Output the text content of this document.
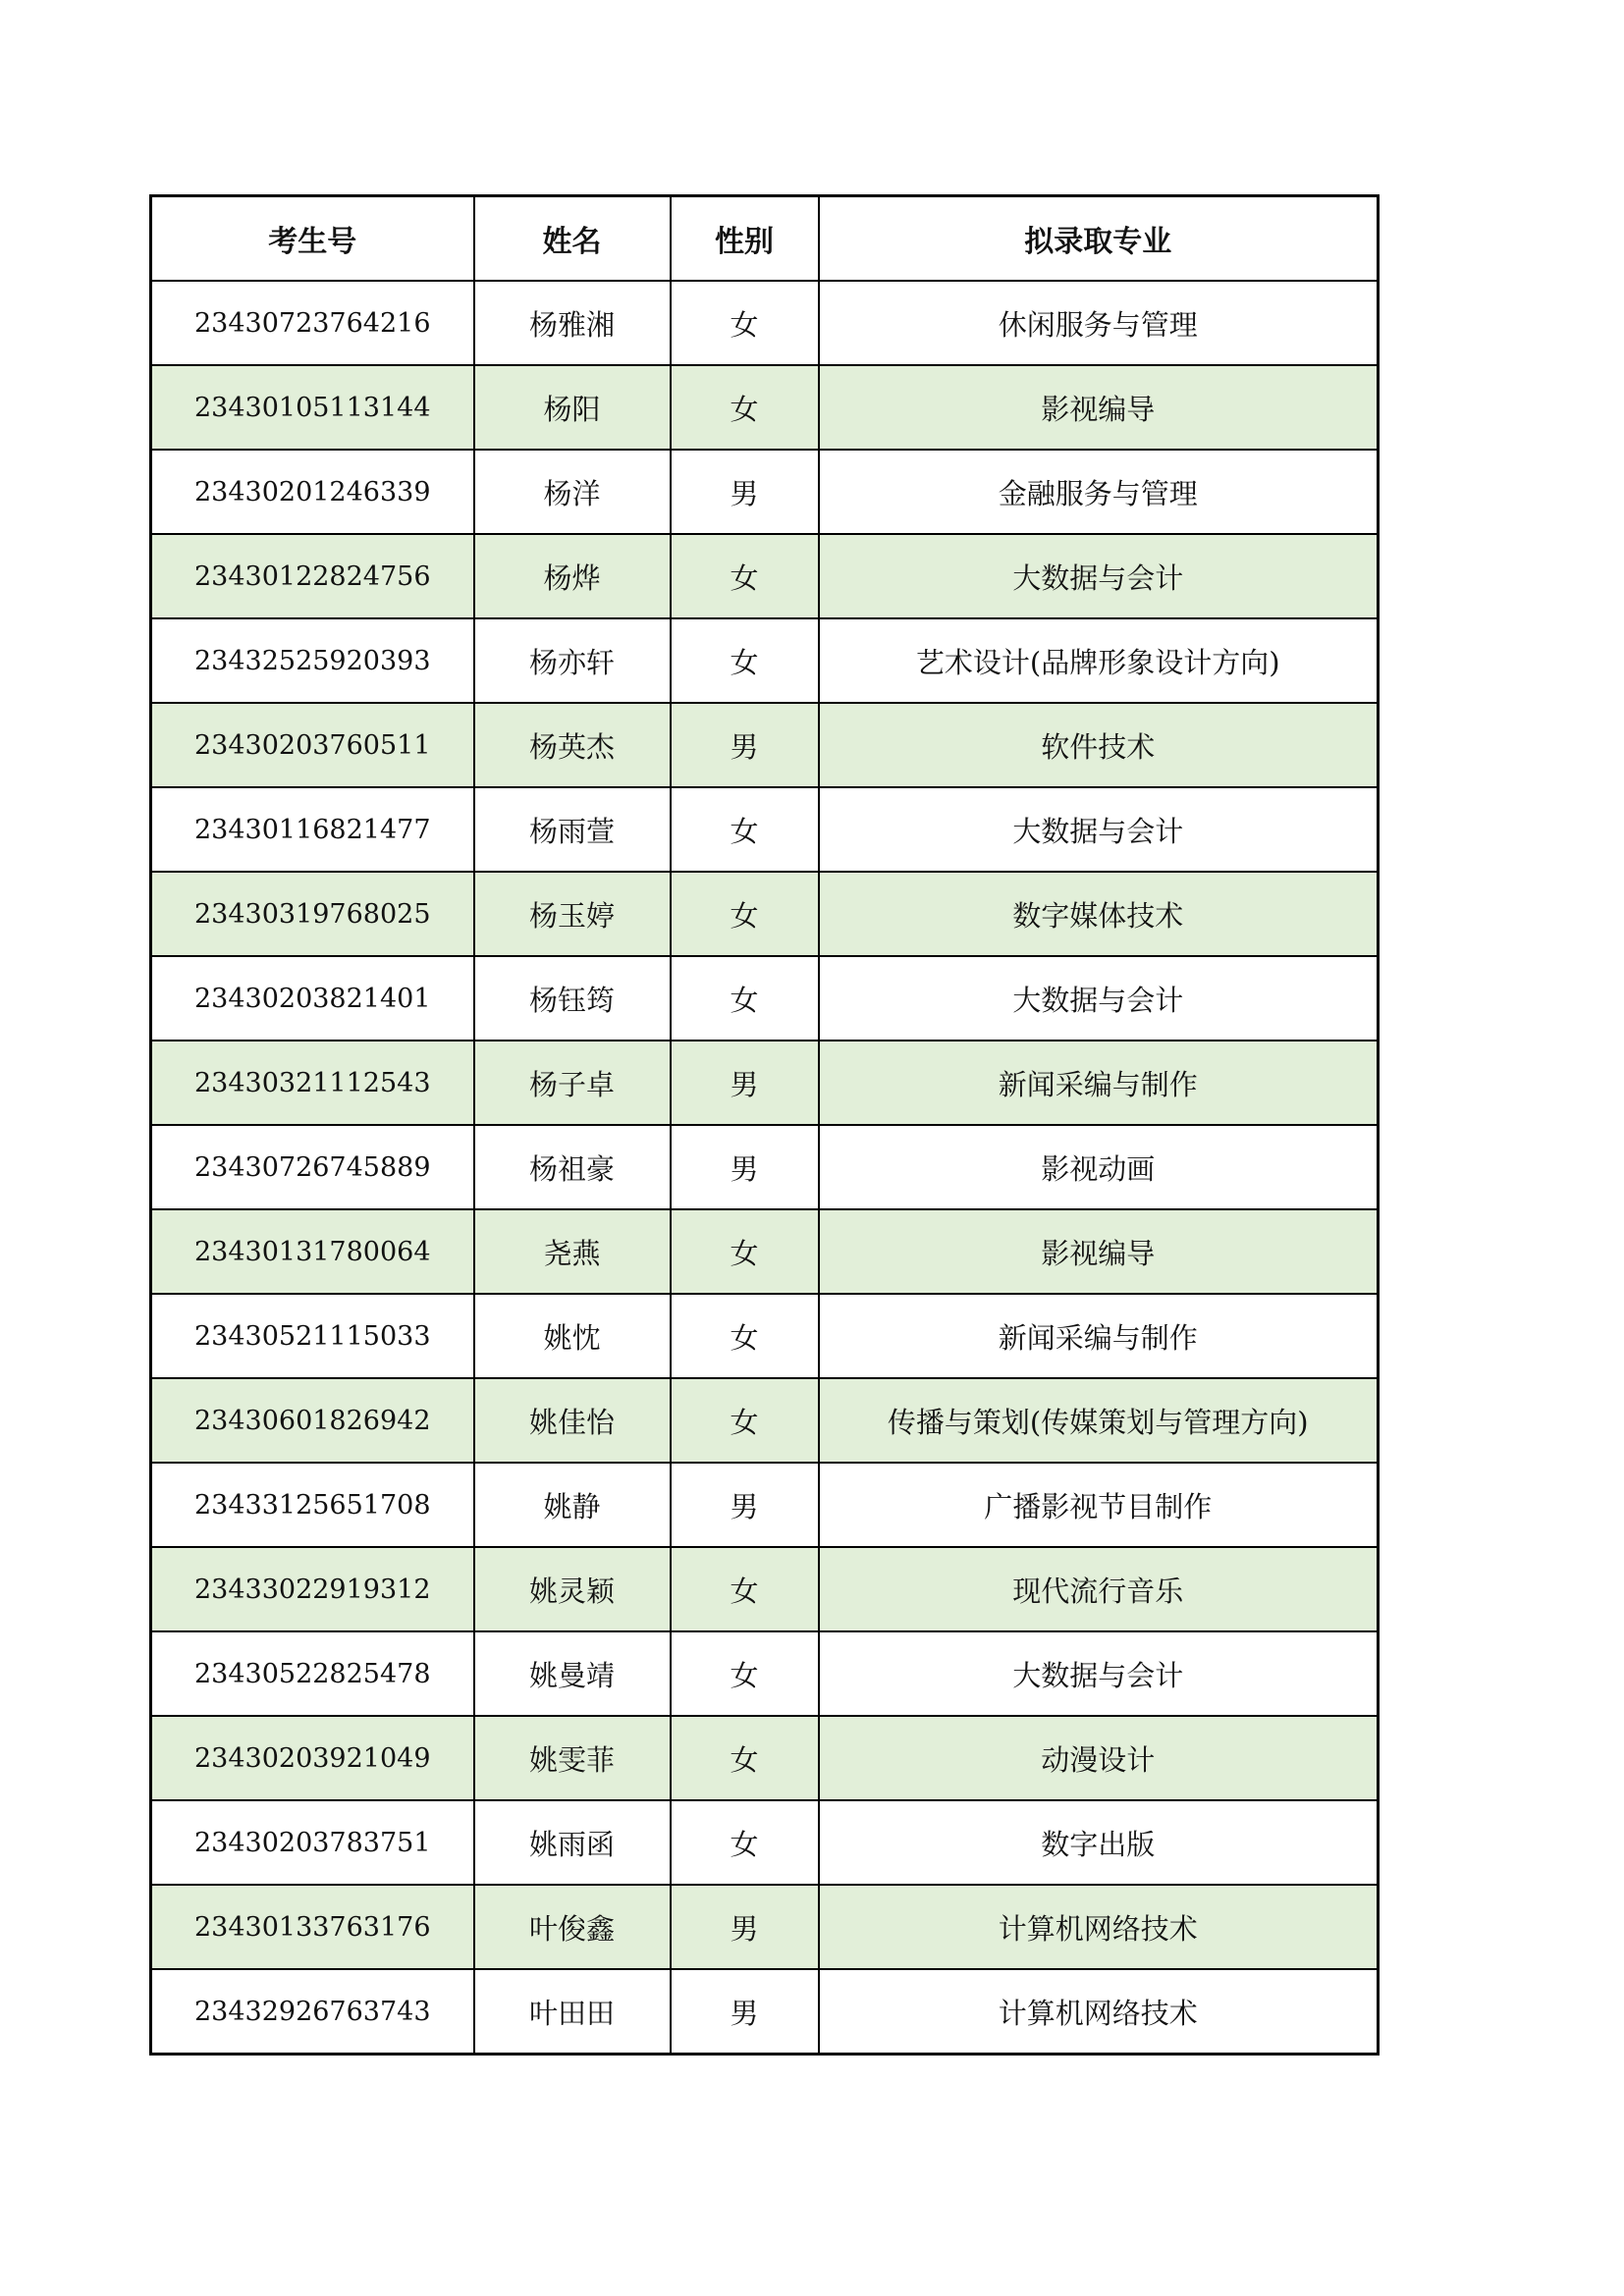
考生号	姓名	性别	拟录取专业
23430723764216	杨雅湘	女	休闲服务与管理
23430105113144	杨阳	女	影视编导
23430201246339	杨洋	男	金融服务与管理
23430122824756	杨烨	女	大数据与会计
23432525920393	杨亦轩	女	艺术设计(品牌形象设计方向)
23430203760511	杨英杰	男	软件技术
23430116821477	杨雨萱	女	大数据与会计
23430319768025	杨玉婷	女	数字媒体技术
23430203821401	杨钰筠	女	大数据与会计
23430321112543	杨子卓	男	新闻采编与制作
23430726745889	杨祖豪	男	影视动画
23430131780064	尧燕	女	影视编导
23430521115033	姚忱	女	新闻采编与制作
23430601826942	姚佳怡	女	传播与策划(传媒策划与管理方向)
23433125651708	姚静	男	广播影视节目制作
23433022919312	姚灵颖	女	现代流行音乐
23430522825478	姚曼靖	女	大数据与会计
23430203921049	姚雯菲	女	动漫设计
23430203783751	姚雨函	女	数字出版
23430133763176	叶俊鑫	男	计算机网络技术
23432926763743	叶田田	男	计算机网络技术
